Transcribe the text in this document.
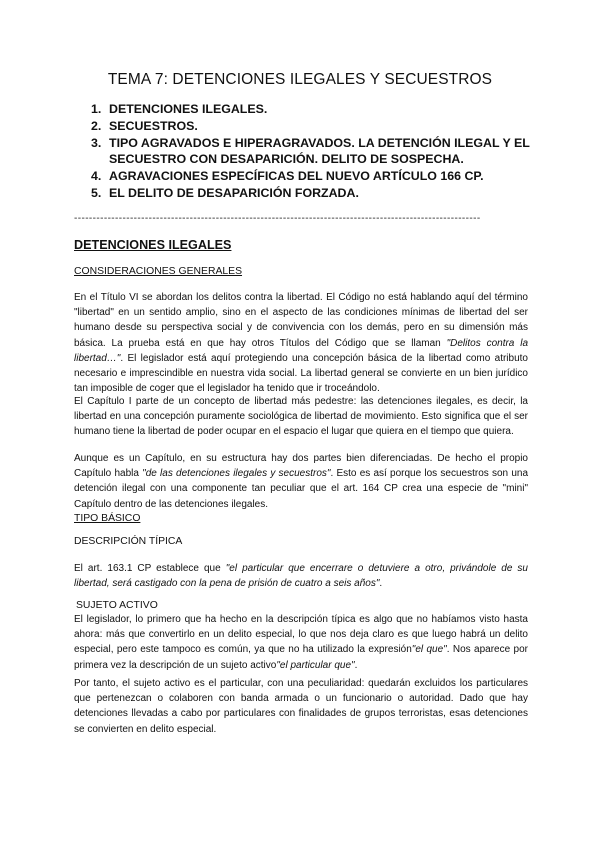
TEMA 7: DETENCIONES ILEGALES Y SECUESTROS
1. DETENCIONES ILEGALES.
2. SECUESTROS.
3. TIPO AGRAVADOS E HIPERAGRAVADOS. LA DETENCIÓN ILEGAL Y EL SECUESTRO CON DESAPARICIÓN. DELITO DE SOSPECHA.
4. AGRAVACIONES ESPECÍFICAS DEL NUEVO ARTÍCULO 166 CP.
5. EL DELITO DE DESAPARICIÓN FORZADA.
-------------------------------------------------------------------------------------------------------------
DETENCIONES ILEGALES
CONSIDERACIONES GENERALES

En el Título VI se abordan los delitos contra la libertad. El Código no está hablando aquí del término "libertad" en un sentido amplio, sino en el aspecto de las condiciones mínimas de libertad del ser humano desde su perspectiva social y de convivencia con los demás, pero en su dimensión más básica. La prueba está en que hay otros Títulos del Código que se llaman "Delitos contra la libertad…". El legislador está aquí protegiendo una concepción básica de la libertad como atributo necesario e imprescindible en nuestra vida social. La libertad general se convierte en un bien jurídico tan imposible de coger que el legislador ha tenido que ir troceándolo.

El Capítulo I parte de un concepto de libertad más pedestre: las detenciones ilegales, es decir, la libertad en una concepción puramente sociológica de libertad de movimiento. Esto significa que el ser humano tiene la libertad de poder ocupar en el espacio el lugar que quiera en el tiempo que quiera.

Aunque es un Capítulo, en su estructura hay dos partes bien diferenciadas. De hecho el propio Capítulo habla "de las detenciones ilegales y secuestros". Esto es así porque los secuestros son una detención ilegal con una componente tan peculiar que el art. 164 CP crea una especie de "mini" Capítulo dentro de las detenciones ilegales.

TIPO BÁSICO
DESCRIPCIÓN TÍPICA

El art. 163.1 CP establece que "el particular que encerrare o detuviere a otro, privándole de su libertad, será castigado con la pena de prisión de cuatro a seis años".

SUJETO ACTIVO

El legislador, lo primero que ha hecho en la descripción típica es algo que no habíamos visto hasta ahora: más que convertirlo en un delito especial, lo que nos deja claro es que luego habrá un delito especial, pero este tampoco es común, ya que no ha utilizado la expresión"el que". Nos aparece por primera vez la descripción de un sujeto activo"el particular que".

Por tanto, el sujeto activo es el particular, con una peculiaridad: quedarán excluidos los particulares que pertenezcan o colaboren con banda armada o un funcionario o autoridad. Dado que hay detenciones llevadas a cabo por particulares con finalidades de grupos terroristas, esas detenciones se convierten en delito especial.
